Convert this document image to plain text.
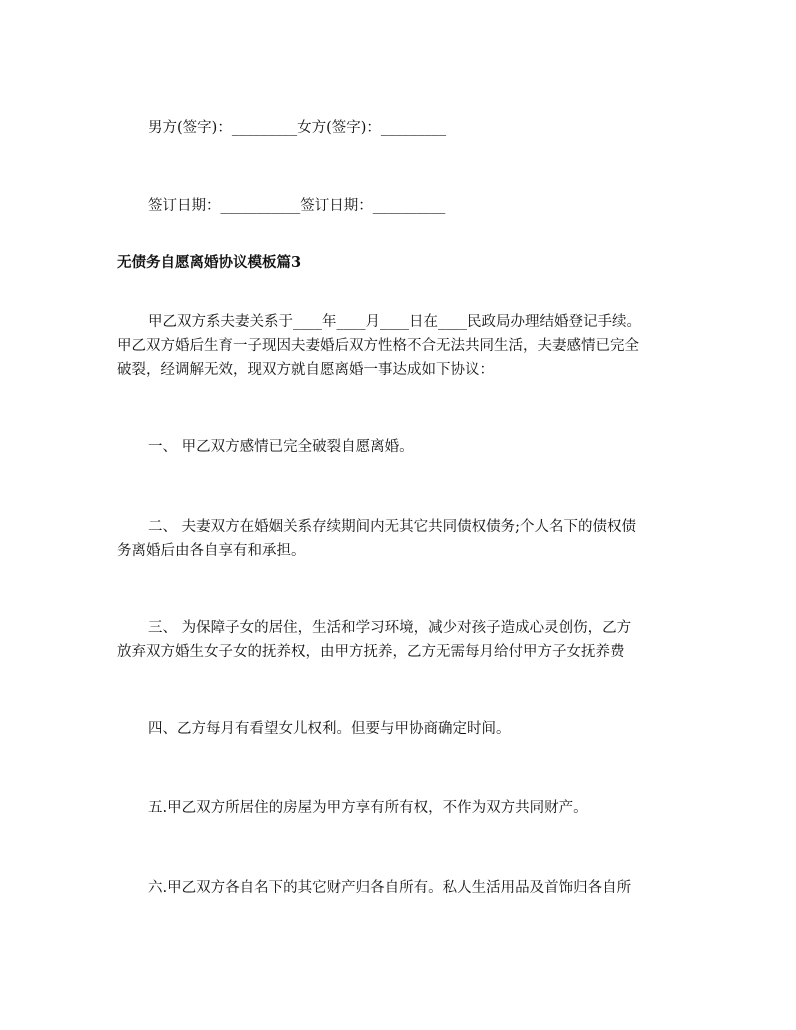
男方(签字)：_________女方(签字)：_________
签订日期：___________签订日期：__________
无债务自愿离婚协议模板篇3
甲乙双方系夫妻关系于____年____月____日在____民政局办理结婚登记手续。
甲乙双方婚后生育一子现因夫妻婚后双方性格不合无法共同生活，夫妻感情已完全
破裂，经调解无效，现双方就自愿离婚一事达成如下协议：
一、 甲乙双方感情已完全破裂自愿离婚。
二、 夫妻双方在婚姻关系存续期间内无其它共同债权债务;个人名下的债权债
务离婚后由各自享有和承担。
三、 为保障子女的居住，生活和学习环境，减少对孩子造成心灵创伤，乙方
放弃双方婚生女子女的抚养权，由甲方抚养，乙方无需每月给付甲方子女抚养费
四、乙方每月有看望女儿权利。但要与甲协商确定时间。
五.甲乙双方所居住的房屋为甲方享有所有权，不作为双方共同财产。
六.甲乙双方各自名下的其它财产归各自所有。私人生活用品及首饰归各自所
